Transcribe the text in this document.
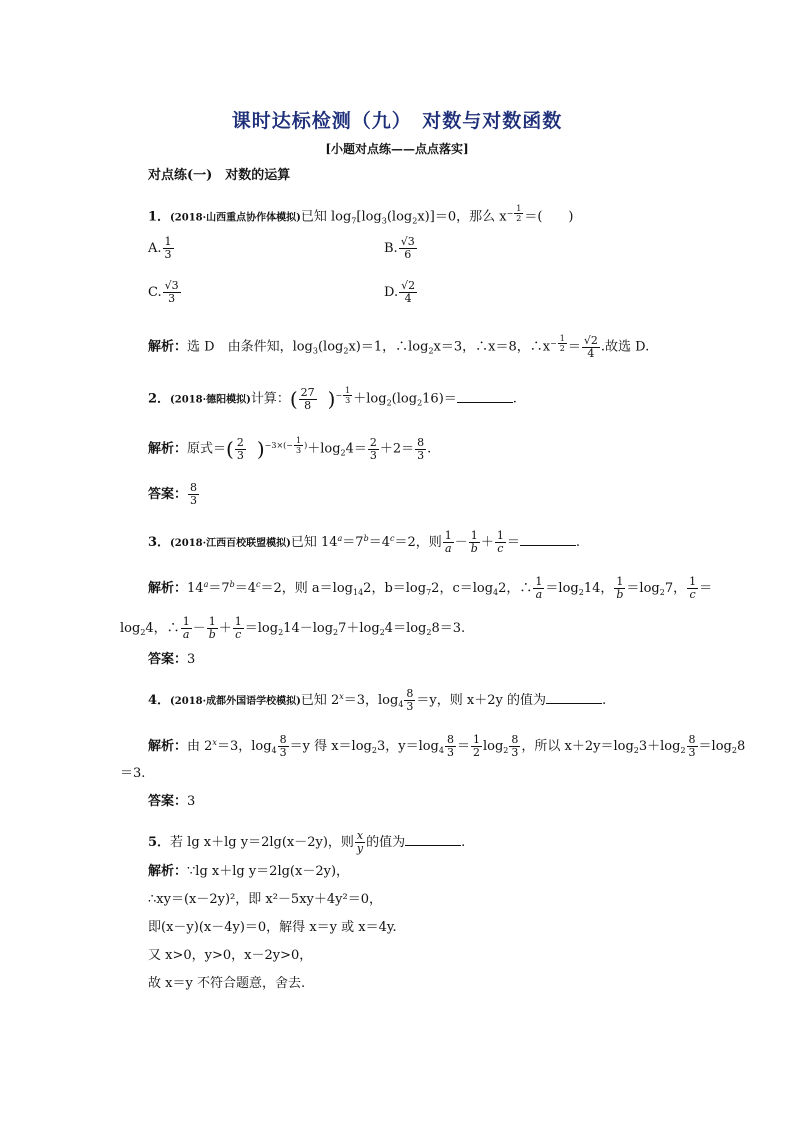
课时达标检测（九）　对数与对数函数
[小题对点练——点点落实]
对点练(一)　对数的运算
1．(2018·山西重点协作体模拟)已知 $\log_7[\log_3(\log_2x)]=0$，那么 $x^{- \frac{1}{2}}$ ＝(　　)
A. $\frac{1}{3}$	B. $\frac{√3}{6}$
C. $\frac{√3}{3}$	D. $\frac{√2}{4}$
解析：选 D　由条件知，$\log_3(\log_2x)=1$，$\therefore\log_2x=3$，∴x＝8，$\therefore x^{- \frac{1}{2}} = \frac{√2}{4}$ .故选 D.
2．(2018·德阳模拟)计算：( $\frac{27}{8} )^{- \frac{1}{3}} +\log_2(\log_216)=$	.
解析：原式＝( $\frac{2}{3} )^{-3\times(- \frac{1}{3} )}+\log_24= \frac{2}{3} +2= \frac{8}{3}$ .
答案： $\frac{8}{3}$
3．(2018·江西百校联盟模拟)已知 $14^a=7^b=4^c=2$，则 $\frac{1}{a} - \frac{1}{b} + \frac{1}{c}$ ＝	.
解析：$14^a=7^b=4^c=2$，则 $a=\log_{14}2$，$b=\log_72$，$c=\log_42$，∴ $\frac{1}{a} =\log_214$， $\frac{1}{b} =\log_27$， $\frac{1}{c}$ ＝
$\log_24$，∴ $\frac{1}{a} - \frac{1}{b} + \frac{1}{c} =\log_214-\log_27+\log_24=\log_28=3$.
答案：3
4．(2018·成都外国语学校模拟)已知 $2^x=3$，$\log_4 \frac{8}{3} =y$，则 x＋2y 的值为	.
解析：由 $2^x=3$，$\log_4 \frac{8}{3} =y$ 得 $x=\log_23$，$y=\log_4 \frac{8}{3} = \frac{1}{2} \log_2 \frac{8}{3}$ ，所以 $x+2y=\log_23+\log_2 \frac{8}{3} =\log_28$
＝3.
答案：3
5．若 lg x＋lg y＝2lg(x－2y)，则 $\frac{x}{y}$ 的值为	.
解析：∵lg x＋lg y＝2lg(x－2y)，
∴xy＝(x－2y)²，即 x²－5xy＋4y²＝0，
即(x－y)(x－4y)＝0，解得 x＝y 或 x＝4y.
又 x>0，y>0，x－2y>0，
故 x＝y 不符合题意，舍去.
